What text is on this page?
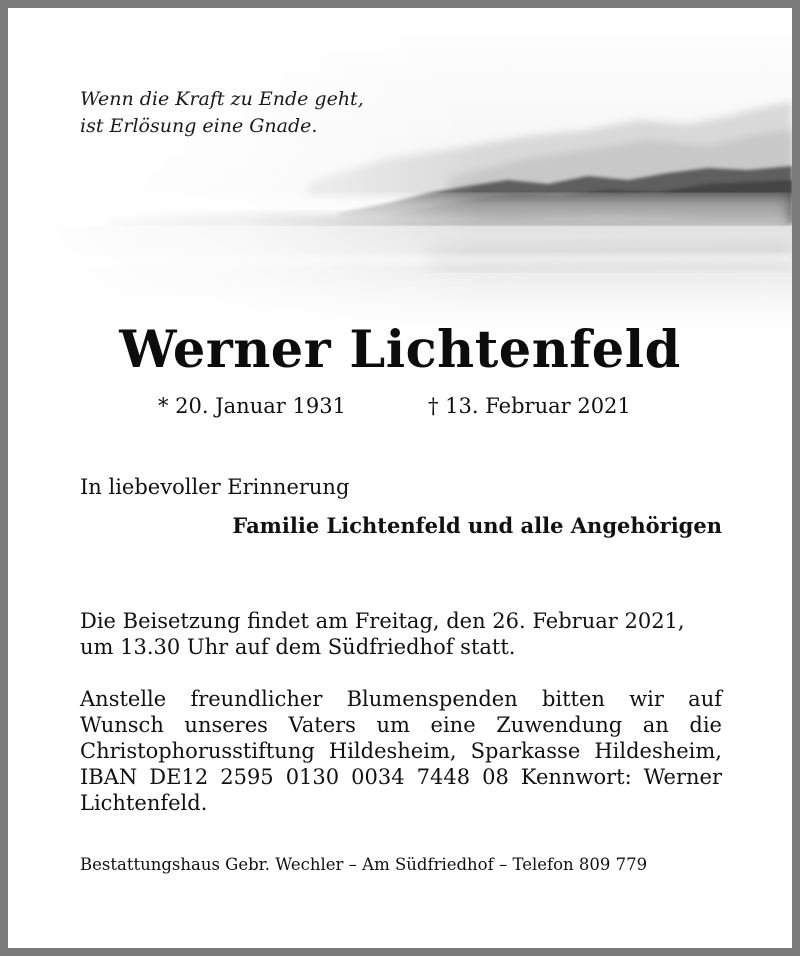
Wenn die Kraft zu Ende geht,
ist Erlösung eine Gnade.
Werner Lichtenfeld
* 20. Januar 1931	† 13. Februar 2021
In liebevoller Erinnerung
Familie Lichtenfeld und alle Angehörigen
Die Beisetzung findet am Freitag, den 26. Februar 2021,
um 13.30 Uhr auf dem Südfriedhof statt.
Anstelle freundlicher Blumenspenden bitten wir auf
Wunsch unseres Vaters um eine Zuwendung an die
Christophorusstiftung Hildesheim, Sparkasse Hildesheim,
IBAN DE12 2595 0130 0034 7448 08 Kennwort: Werner
Lichtenfeld.
Bestattungshaus Gebr. Wechler – Am Südfriedhof – Telefon 809 779
